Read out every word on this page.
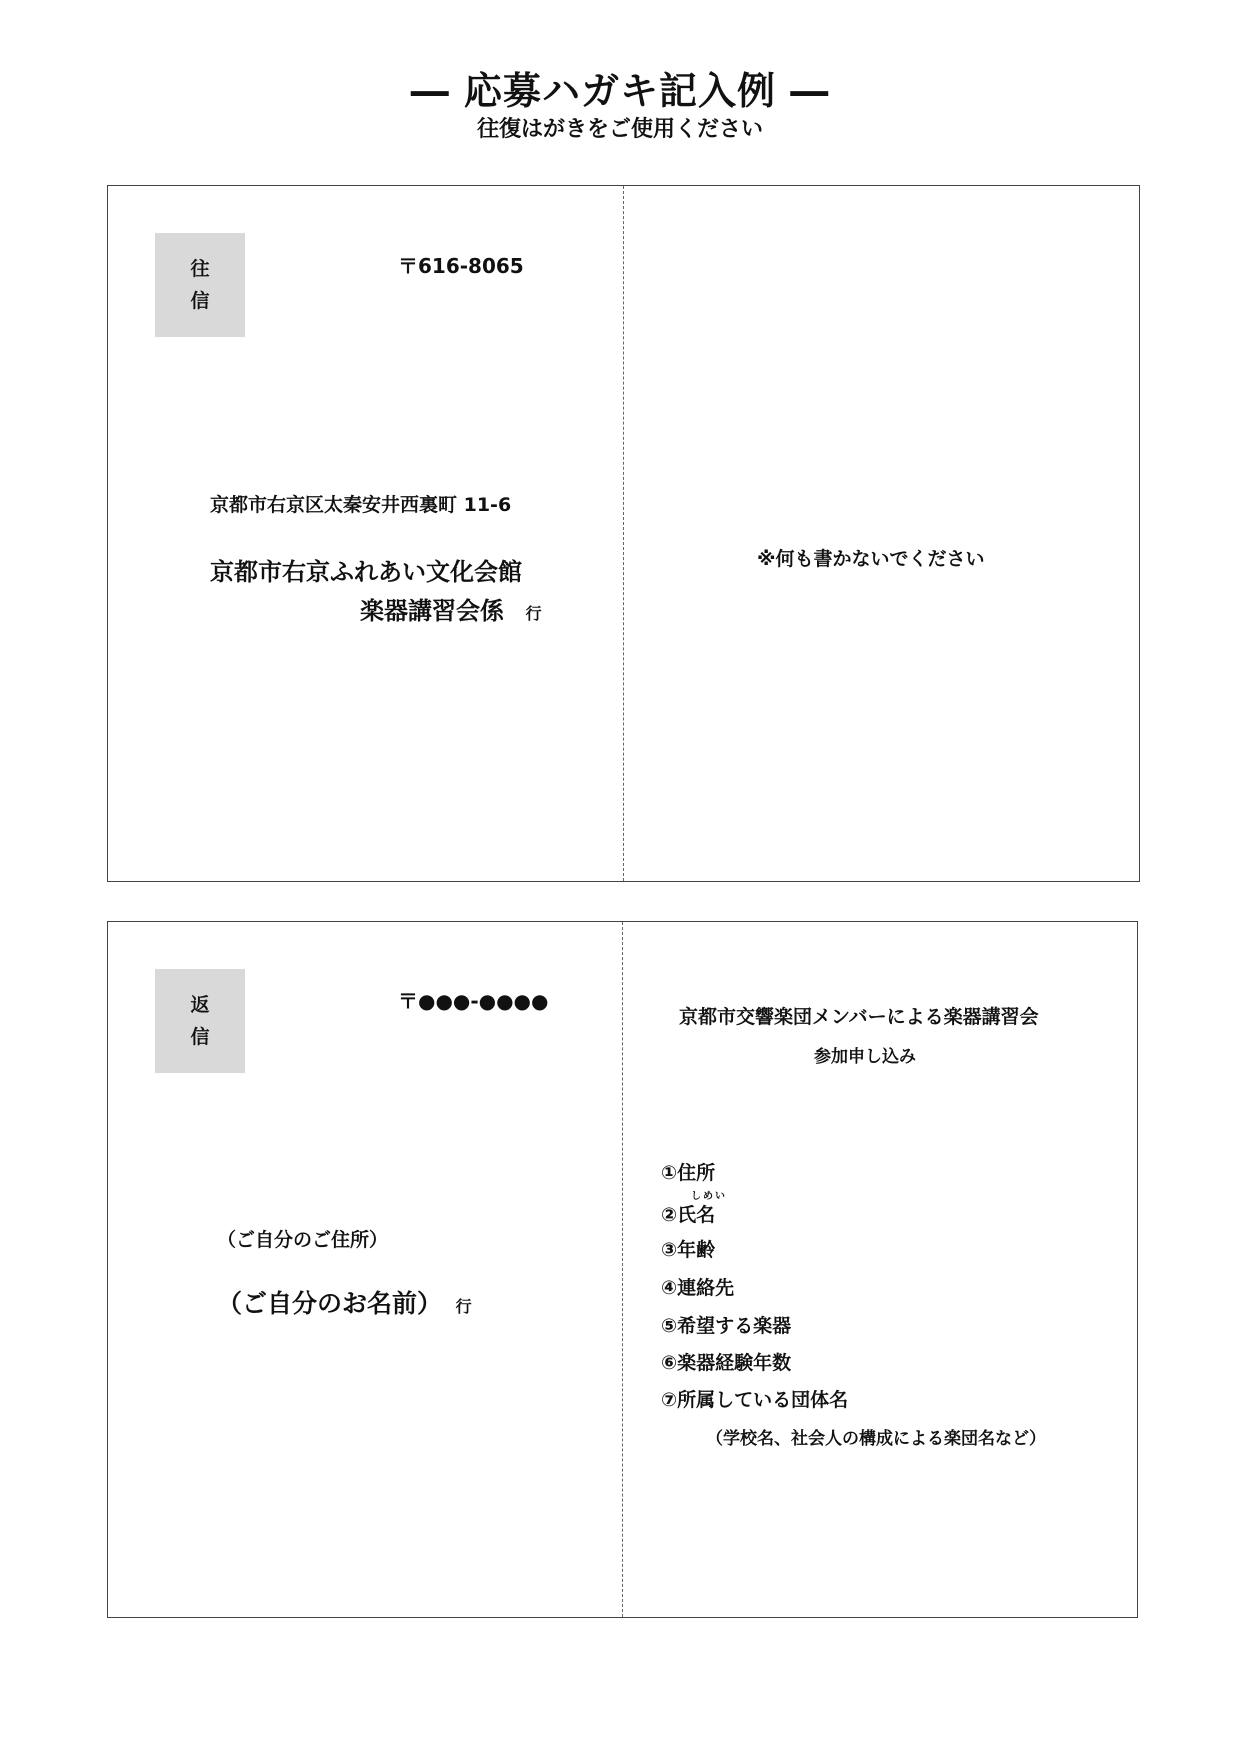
― 応募ハガキ記入例 ―
往復はがきをご使用ください
往
信
〒616-8065
京都市右京区太秦安井西裏町 11-6
京都市右京ふれあい文化会館
楽器講習会係 行
※何も書かないでください
返
信
〒●●●-●●●●
（ご自分のご住所）
（ご自分のお名前） 行
京都市交響楽団メンバーによる楽器講習会
参加申し込み
①住所
しめい
②氏名
③年齢
④連絡先
⑤希望する楽器
⑥楽器経験年数
⑦所属している団体名
（学校名、社会人の構成による楽団名など）
